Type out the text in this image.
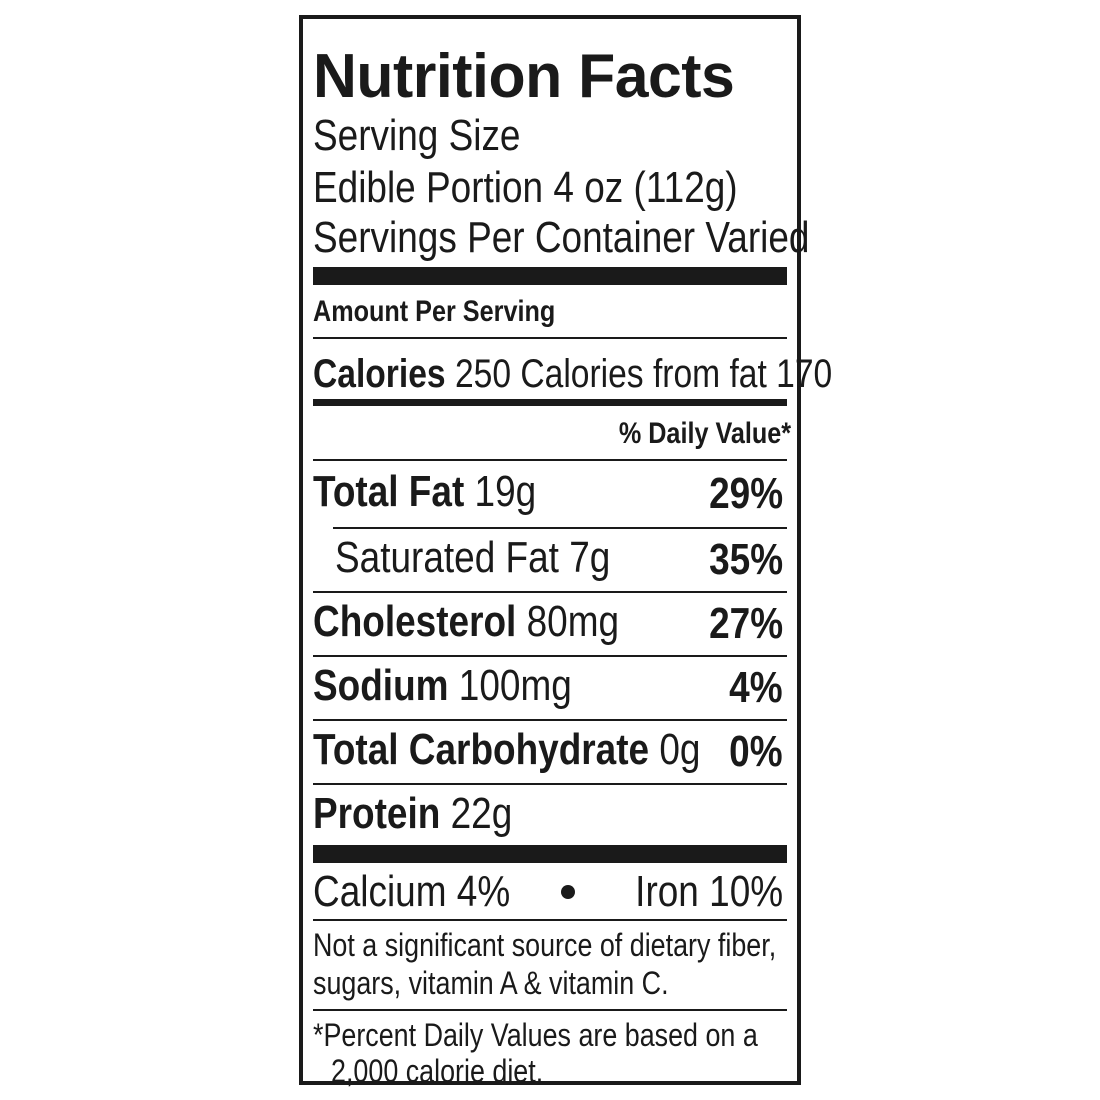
Nutrition Facts
Serving Size
Edible Portion 4 oz (112g)
Servings Per Container Varied
Amount Per Serving
Calories 250 Calories from fat 170
% Daily Value*
Total Fat 19g	29%
Saturated Fat 7g 35%
Cholesterol 80mg 27%
Sodium 100mg	4%
Total Carbohydrate 0g 0%
Protein 22g
Calcium 4%	Iron 10%
Not a significant source of dietary fiber,
sugars, vitamin A & vitamin C.
*Percent Daily Values are based on a
2,000 calorie diet.
